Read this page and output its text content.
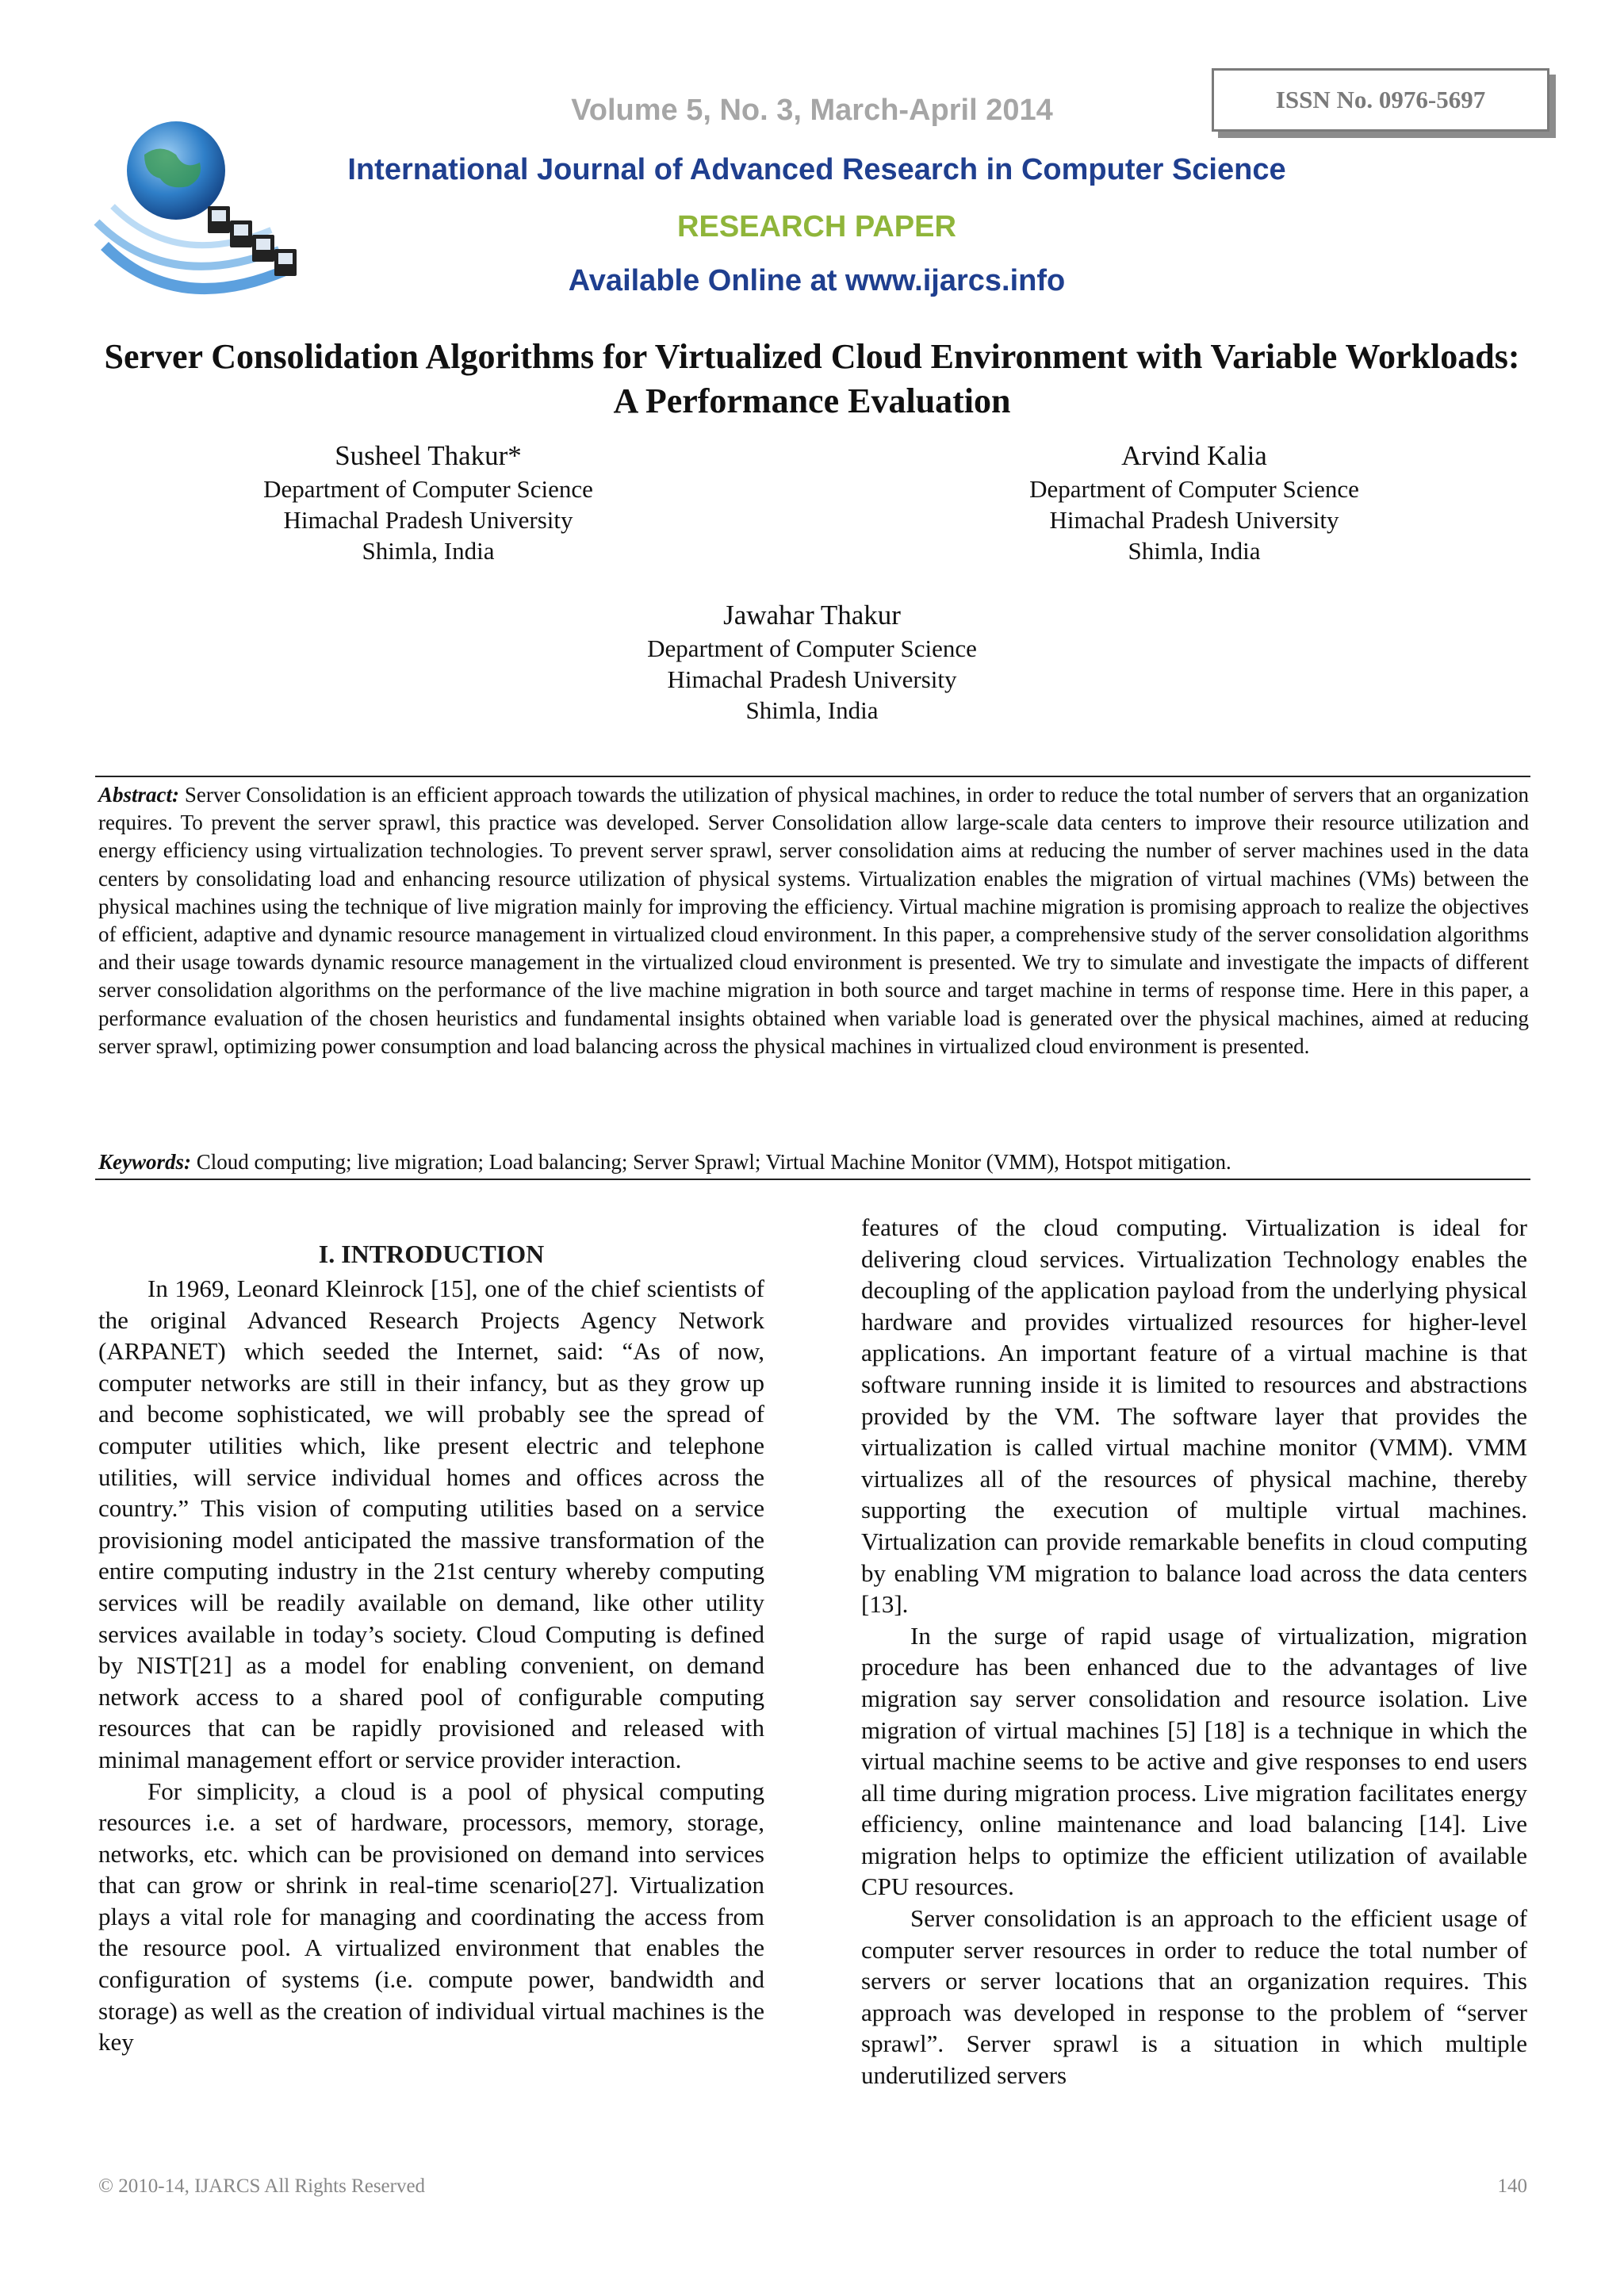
ISSN No. 0976-5697
Volume 5, No. 3, March-April 2014
International Journal of Advanced Research in Computer Science
RESEARCH PAPER
Available Online at www.ijarcs.info
Server Consolidation Algorithms for Virtualized Cloud Environment with Variable Workloads: A Performance Evaluation
Susheel Thakur*
Department of Computer Science
Himachal Pradesh University
Shimla, India
Arvind Kalia
Department of Computer Science
Himachal Pradesh University
Shimla, India
Jawahar Thakur
Department of Computer Science
Himachal Pradesh University
Shimla, India
Abstract: Server Consolidation is an efficient approach towards the utilization of physical machines, in order to reduce the total number of servers that an organization requires. To prevent the server sprawl, this practice was developed. Server Consolidation allow large-scale data centers to improve their resource utilization and energy efficiency using virtualization technologies. To prevent server sprawl, server consolidation aims at reducing the number of server machines used in the data centers by consolidating load and enhancing resource utilization of physical systems. Virtualization enables the migration of virtual machines (VMs) between the physical machines using the technique of live migration mainly for improving the efficiency. Virtual machine migration is promising approach to realize the objectives of efficient, adaptive and dynamic resource management in virtualized cloud environment. In this paper, a comprehensive study of the server consolidation algorithms and their usage towards dynamic resource management in the virtualized cloud environment is presented. We try to simulate and investigate the impacts of different server consolidation algorithms on the performance of the live machine migration in both source and target machine in terms of response time. Here in this paper, a performance evaluation of the chosen heuristics and fundamental insights obtained when variable load is generated over the physical machines, aimed at reducing server sprawl, optimizing power consumption and load balancing across the physical machines in virtualized cloud environment is presented.
Keywords: Cloud computing; live migration; Load balancing; Server Sprawl; Virtual Machine Monitor (VMM), Hotspot mitigation.
I. INTRODUCTION

In 1969, Leonard Kleinrock [15], one of the chief scientists of the original Advanced Research Projects Agency Network (ARPANET) which seeded the Internet, said: “As of now, computer networks are still in their infancy, but as they grow up and become sophisticated, we will probably see the spread of computer utilities which, like present electric and telephone utilities, will service individual homes and offices across the country.” This vision of computing utilities based on a service provisioning model anticipated the massive transformation of the entire computing industry in the 21st century whereby computing services will be readily available on demand, like other utility services available in today’s society. Cloud Computing is defined by NIST[21] as a model for enabling convenient, on demand network access to a shared pool of configurable computing resources that can be rapidly provisioned and released with minimal management effort or service provider interaction.

For simplicity, a cloud is a pool of physical computing resources i.e. a set of hardware, processors, memory, storage, networks, etc. which can be provisioned on demand into services that can grow or shrink in real-time scenario[27]. Virtualization plays a vital role for managing and coordinating the access from the resource pool. A virtualized environment that enables the configuration of systems (i.e. compute power, bandwidth and storage) as well as the creation of individual virtual machines is the key

features of the cloud computing. Virtualization is ideal for delivering cloud services. Virtualization Technology enables the decoupling of the application payload from the underlying physical hardware and provides virtualized resources for higher-level applications. An important feature of a virtual machine is that software running inside it is limited to resources and abstractions provided by the VM. The software layer that provides the virtualization is called virtual machine monitor (VMM). VMM virtualizes all of the resources of physical machine, thereby supporting the execution of multiple virtual machines. Virtualization can provide remarkable benefits in cloud computing by enabling VM migration to balance load across the data centers [13].

In the surge of rapid usage of virtualization, migration procedure has been enhanced due to the advantages of live migration say server consolidation and resource isolation. Live migration of virtual machines [5] [18] is a technique in which the virtual machine seems to be active and give responses to end users all time during migration process. Live migration facilitates energy efficiency, online maintenance and load balancing [14]. Live migration helps to optimize the efficient utilization of available CPU resources.

Server consolidation is an approach to the efficient usage of computer server resources in order to reduce the total number of servers or server locations that an organization requires. This approach was developed in response to the problem of “server sprawl”. Server sprawl is a situation in which multiple underutilized servers

© 2010-14, IJARCS All Rights Reserved	140
